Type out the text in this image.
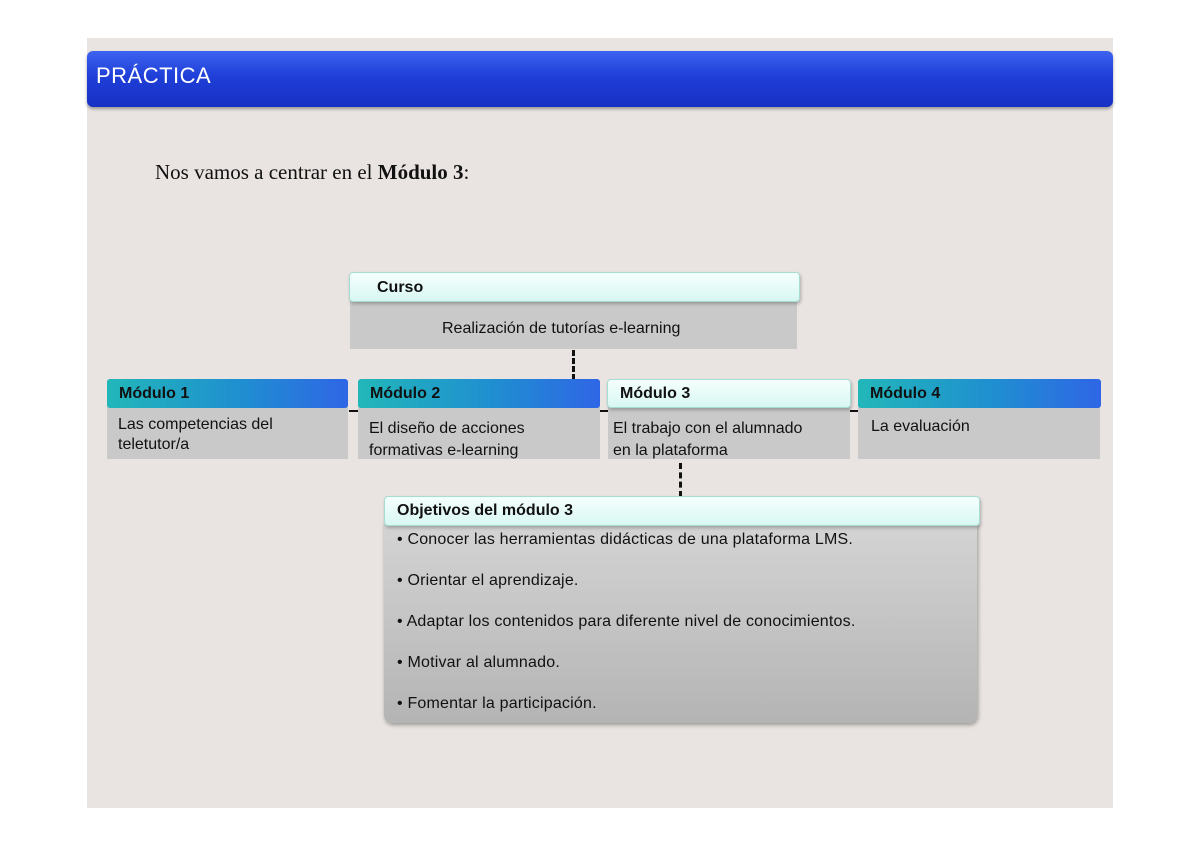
PRÁCTICA
Nos vamos a centrar en el Módulo 3:
Curso
Realización de tutorías e-learning
Módulo 1
Las competencias del
teletutor/a
Módulo 2
El diseño de acciones
formativas e-learning
Módulo 3
El trabajo con el alumnado
en la plataforma
Módulo 4
La evaluación
Objetivos del módulo 3
• Conocer las herramientas didácticas de una plataforma LMS.
• Orientar el aprendizaje.
• Adaptar los contenidos para diferente nivel de conocimientos.
• Motivar al alumnado.
• Fomentar la participación.
